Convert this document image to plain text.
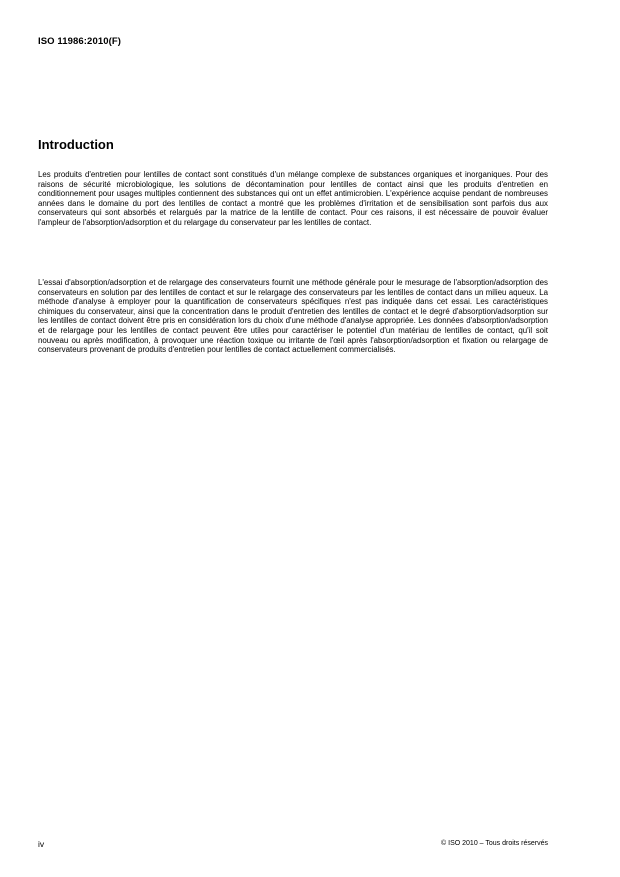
ISO 11986:2010(F)
Introduction

Les produits d'entretien pour lentilles de contact sont constitués d'un mélange complexe de substances organiques et inorganiques. Pour des raisons de sécurité microbiologique, les solutions de décontamination pour lentilles de contact ainsi que les produits d'entretien en conditionnement pour usages multiples contiennent des substances qui ont un effet antimicrobien. L'expérience acquise pendant de nombreuses années dans le domaine du port des lentilles de contact a montré que les problèmes d'irritation et de sensibilisation sont parfois dus aux conservateurs qui sont absorbés et relargués par la matrice de la lentille de contact. Pour ces raisons, il est nécessaire de pouvoir évaluer l'ampleur de l'absorption/adsorption et du relargage du conservateur par les lentilles de contact.

L'essai d'absorption/adsorption et de relargage des conservateurs fournit une méthode générale pour le mesurage de l'absorption/adsorption des conservateurs en solution par des lentilles de contact et sur le relargage des conservateurs par les lentilles de contact dans un milieu aqueux. La méthode d'analyse à employer pour la quantification de conservateurs spécifiques n'est pas indiquée dans cet essai. Les caractéristiques chimiques du conservateur, ainsi que la concentration dans le produit d'entretien des lentilles de contact et le degré d'absorption/adsorption sur les lentilles de contact doivent être pris en considération lors du choix d'une méthode d'analyse appropriée. Les données d'absorption/adsorption et de relargage pour les lentilles de contact peuvent être utiles pour caractériser le potentiel d'un matériau de lentilles de contact, qu'il soit nouveau ou après modification, à provoquer une réaction toxique ou irritante de l'œil après l'absorption/adsorption et fixation ou relargage de conservateurs provenant de produits d'entretien pour lentilles de contact actuellement commercialisés.

iv	© ISO 2010 – Tous droits réservés
